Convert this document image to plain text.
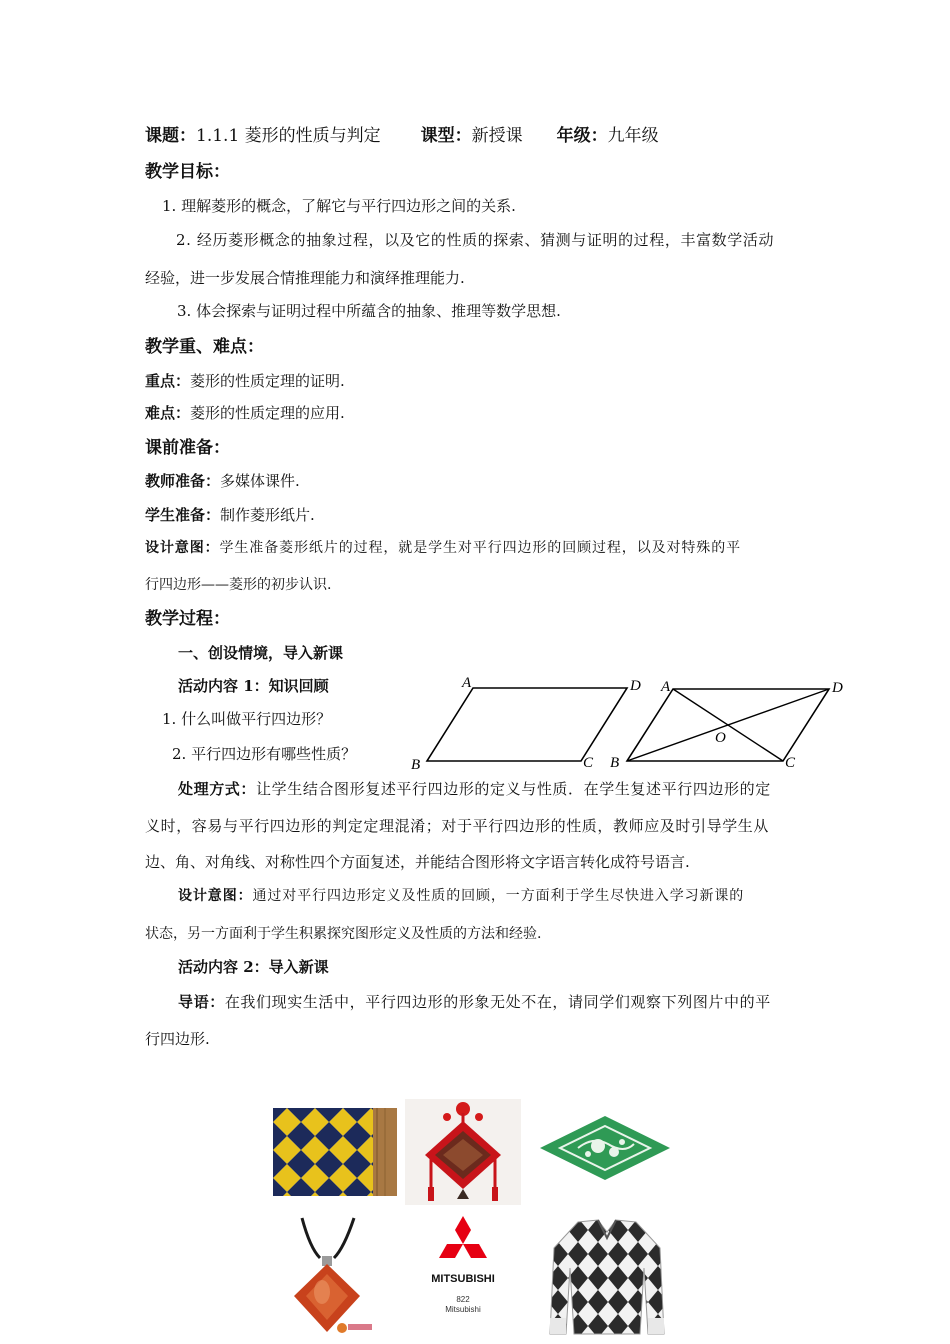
课题：1.1.1 菱形的性质与判定 课型：新授课 年级：九年级
教学目标：
1. 理解菱形的概念，了解它与平行四边形之间的关系.
2. 经历菱形概念的抽象过程，以及它的性质的探索、猜测与证明的过程，丰富数学活动
经验，进一步发展合情推理能力和演绎推理能力.
3. 体会探索与证明过程中所蕴含的抽象、推理等数学思想.
教学重、难点：
重点：菱形的性质定理的证明.
难点：菱形的性质定理的应用.
课前准备：
教师准备：多媒体课件.
学生准备：制作菱形纸片.
设计意图：学生准备菱形纸片的过程，就是学生对平行四边形的回顾过程，以及对特殊的平
行四边形——菱形的初步认识.
教学过程：
一、创设情境，导入新课
活动内容 1：知识回顾
1. 什么叫做平行四边形？
2. 平行四边形有哪些性质？
A	D
B	C
A	D
B	C
O
处理方式：让学生结合图形复述平行四边形的定义与性质．在学生复述平行四边形的定
义时，容易与平行四边形的判定定理混淆；对于平行四边形的性质，教师应及时引导学生从
边、角、对角线、对称性四个方面复述，并能结合图形将文字语言转化成符号语言.
设计意图：通过对平行四边形定义及性质的回顾，一方面利于学生尽快进入学习新课的
状态，另一方面利于学生积累探究图形定义及性质的方法和经验.
活动内容 2：导入新课
导语：在我们现实生活中，平行四边形的形象无处不在，请同学们观察下列图片中的平
行四边形.
MITSUBISHI
822
Mitsubishi
